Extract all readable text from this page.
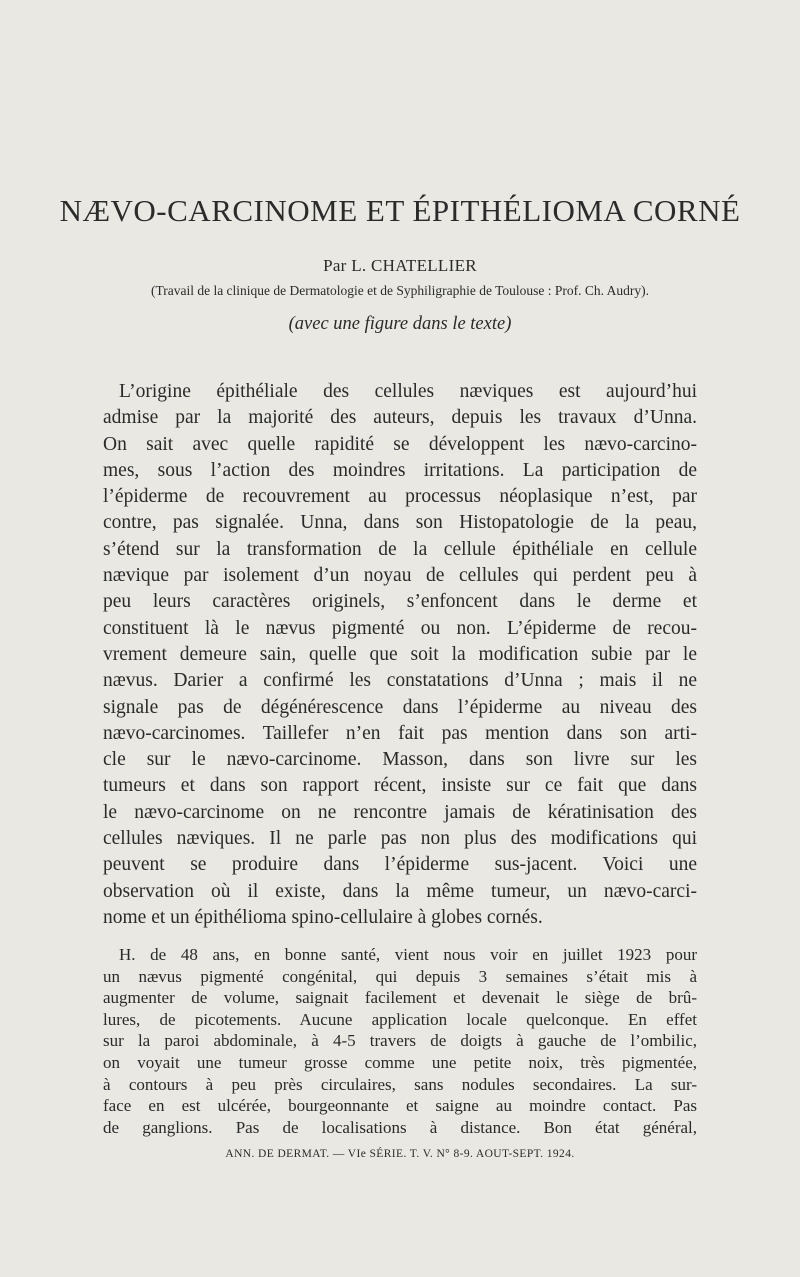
NÆVO-CARCINOME ET ÉPITHÉLIOMA CORNÉ
Par L. CHATELLIER
(Travail de la clinique de Dermatologie et de Syphiligraphie de Toulouse : Prof. Ch. Audry).
(avec une figure dans le texte)
L’origine épithéliale des cellules næviques est aujourd’hui
admise par la majorité des auteurs, depuis les travaux d’Unna.
On sait avec quelle rapidité se développent les nævo-carcino-
mes, sous l’action des moindres irritations. La participation de
l’épiderme de recouvrement au processus néoplasique n’est, par
contre, pas signalée. Unna, dans son Histopatologie de la peau,
s’étend sur la transformation de la cellule épithéliale en cellule
nævique par isolement d’un noyau de cellules qui perdent peu à
peu leurs caractères originels, s’enfoncent dans le derme et
constituent là le nævus pigmenté ou non. L’épiderme de recou-
vrement demeure sain, quelle que soit la modification subie par le
nævus. Darier a confirmé les constatations d’Unna ; mais il ne
signale pas de dégénérescence dans l’épiderme au niveau des
nævo-carcinomes. Taillefer n’en fait pas mention dans son arti-
cle sur le nævo-carcinome. Masson, dans son livre sur les
tumeurs et dans son rapport récent, insiste sur ce fait que dans
le nævo-carcinome on ne rencontre jamais de kératinisation des
cellules næviques. Il ne parle pas non plus des modifications qui
peuvent se produire dans l’épiderme sus-jacent. Voici une
observation où il existe, dans la même tumeur, un nævo-carci-
nome et un épithélioma spino-cellulaire à globes cornés.
H. de 48 ans, en bonne santé, vient nous voir en juillet 1923 pour
un nævus pigmenté congénital, qui depuis 3 semaines s’était mis à
augmenter de volume, saignait facilement et devenait le siège de brû-
lures, de picotements. Aucune application locale quelconque. En effet
sur la paroi abdominale, à 4-5 travers de doigts à gauche de l’ombilic,
on voyait une tumeur grosse comme une petite noix, très pigmentée,
à contours à peu près circulaires, sans nodules secondaires. La sur-
face en est ulcérée, bourgeonnante et saigne au moindre contact. Pas
de ganglions. Pas de localisations à distance. Bon état général,
ANN. DE DERMAT. — VIe SÉRIE. T. V. N° 8-9. AOUT-SEPT. 1924.
